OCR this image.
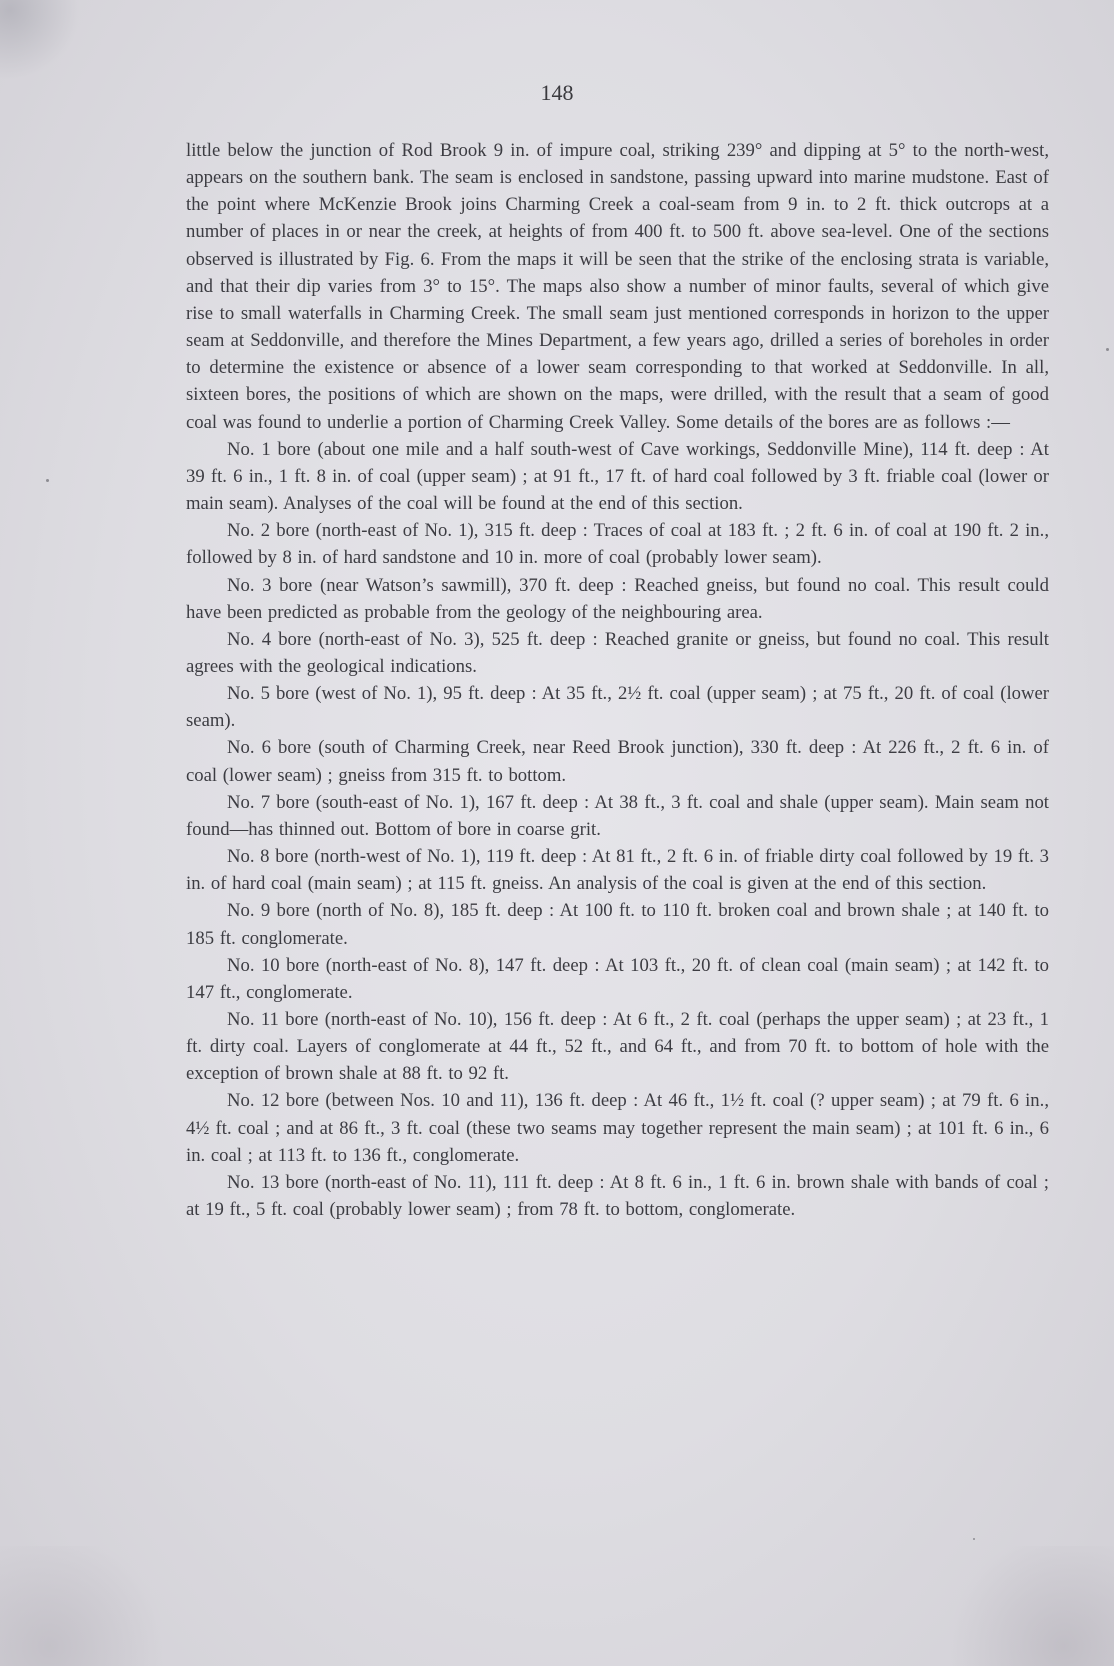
148

little below the junction of Rod Brook 9 in. of impure coal, striking 239° and dipping at 5° to the north-west, appears on the southern bank. The seam is enclosed in sandstone, passing upward into marine mudstone. East of the point where McKenzie Brook joins Charming Creek a coal-seam from 9 in. to 2 ft. thick outcrops at a number of places in or near the creek, at heights of from 400 ft. to 500 ft. above sea-level. One of the sections observed is illustrated by Fig. 6. From the maps it will be seen that the strike of the enclosing strata is variable, and that their dip varies from 3° to 15°. The maps also show a number of minor faults, several of which give rise to small waterfalls in Charming Creek. The small seam just mentioned corresponds in horizon to the upper seam at Seddonville, and therefore the Mines Department, a few years ago, drilled a series of boreholes in order to determine the existence or absence of a lower seam corresponding to that worked at Seddonville. In all, sixteen bores, the positions of which are shown on the maps, were drilled, with the result that a seam of good coal was found to underlie a portion of Charming Creek Valley. Some details of the bores are as follows :—

No. 1 bore (about one mile and a half south-west of Cave workings, Seddonville Mine), 114 ft. deep : At 39 ft. 6 in., 1 ft. 8 in. of coal (upper seam) ; at 91 ft., 17 ft. of hard coal followed by 3 ft. friable coal (lower or main seam). Analyses of the coal will be found at the end of this section.

No. 2 bore (north-east of No. 1), 315 ft. deep : Traces of coal at 183 ft. ; 2 ft. 6 in. of coal at 190 ft. 2 in., followed by 8 in. of hard sandstone and 10 in. more of coal (probably lower seam).

No. 3 bore (near Watson’s sawmill), 370 ft. deep : Reached gneiss, but found no coal. This result could have been predicted as probable from the geology of the neighbouring area.

No. 4 bore (north-east of No. 3), 525 ft. deep : Reached granite or gneiss, but found no coal. This result agrees with the geological indications.

No. 5 bore (west of No. 1), 95 ft. deep : At 35 ft., 2½ ft. coal (upper seam) ; at 75 ft., 20 ft. of coal (lower seam).

No. 6 bore (south of Charming Creek, near Reed Brook junction), 330 ft. deep : At 226 ft., 2 ft. 6 in. of coal (lower seam) ; gneiss from 315 ft. to bottom.

No. 7 bore (south-east of No. 1), 167 ft. deep : At 38 ft., 3 ft. coal and shale (upper seam). Main seam not found—has thinned out. Bottom of bore in coarse grit.

No. 8 bore (north-west of No. 1), 119 ft. deep : At 81 ft., 2 ft. 6 in. of friable dirty coal followed by 19 ft. 3 in. of hard coal (main seam) ; at 115 ft. gneiss. An analysis of the coal is given at the end of this section.

No. 9 bore (north of No. 8), 185 ft. deep : At 100 ft. to 110 ft. broken coal and brown shale ; at 140 ft. to 185 ft. conglomerate.

No. 10 bore (north-east of No. 8), 147 ft. deep : At 103 ft., 20 ft. of clean coal (main seam) ; at 142 ft. to 147 ft., conglomerate.

No. 11 bore (north-east of No. 10), 156 ft. deep : At 6 ft., 2 ft. coal (perhaps the upper seam) ; at 23 ft., 1 ft. dirty coal. Layers of conglomerate at 44 ft., 52 ft., and 64 ft., and from 70 ft. to bottom of hole with the exception of brown shale at 88 ft. to 92 ft.

No. 12 bore (between Nos. 10 and 11), 136 ft. deep : At 46 ft., 1½ ft. coal (? upper seam) ; at 79 ft. 6 in., 4½ ft. coal ; and at 86 ft., 3 ft. coal (these two seams may together represent the main seam) ; at 101 ft. 6 in., 6 in. coal ; at 113 ft. to 136 ft., conglomerate.

No. 13 bore (north-east of No. 11), 111 ft. deep : At 8 ft. 6 in., 1 ft. 6 in. brown shale with bands of coal ; at 19 ft., 5 ft. coal (probably lower seam) ; from 78 ft. to bottom, conglomerate.
